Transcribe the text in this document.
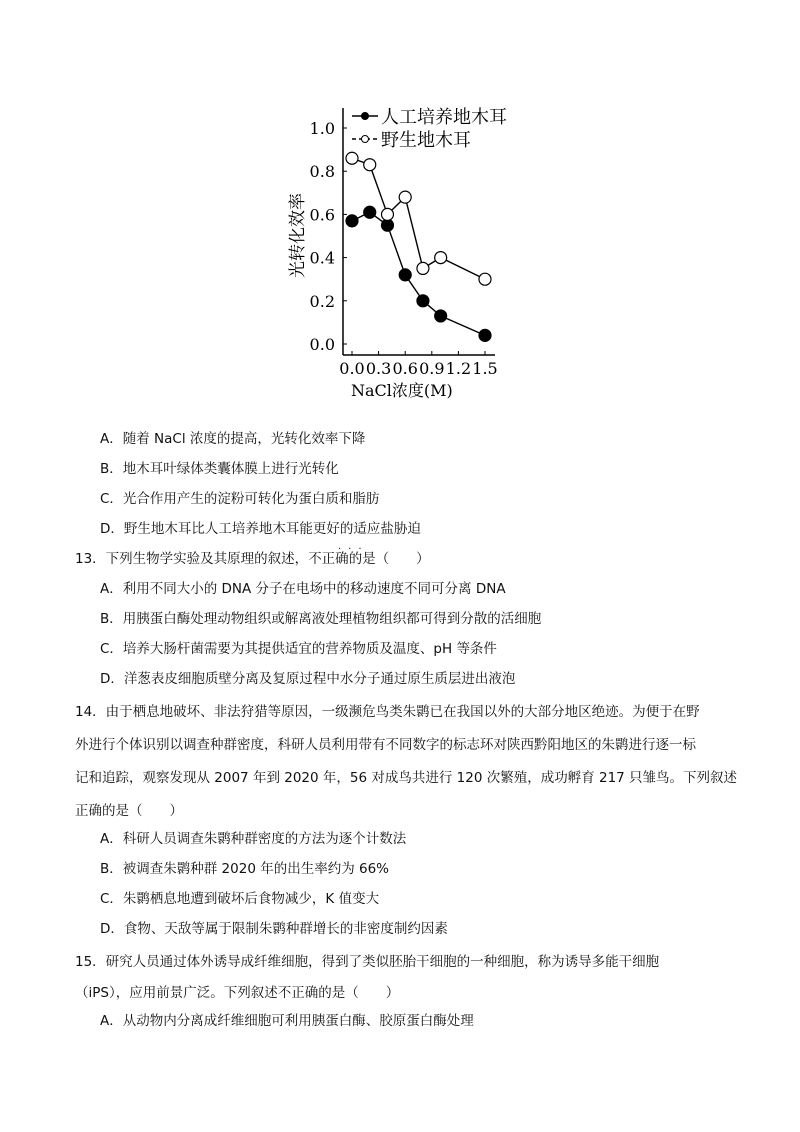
0.0
0.2
0.4
0.6
0.8
1.0
0.0 0.3 0.6 0.9 1.2 1.5
人工培养地木耳
野生地木耳
光转化效率
NaCl浓度(M)
A．随着 NaCl 浓度的提高，光转化效率下降
B．地木耳叶绿体类囊体膜上进行光转化
C．光合作用产生的淀粉可转化为蛋白质和脂肪
D．野生地木耳比人工培养地木耳能更好的适应盐胁迫
13．下列生物学实验及其原理的叙述，不正确的是（　　）
···
A．利用不同大小的 DNA 分子在电场中的移动速度不同可分离 DNA
B．用胰蛋白酶处理动物组织或解离液处理植物组织都可得到分散的活细胞
C．培养大肠杆菌需要为其提供适宜的营养物质及温度、pH 等条件
D．洋葱表皮细胞质壁分离及复原过程中水分子通过原生质层进出液泡
14．由于栖息地破坏、非法狩猎等原因，一级濒危鸟类朱鹮已在我国以外的大部分地区绝迹。为便于在野
外进行个体识别以调查种群密度，科研人员利用带有不同数字的标志环对陕西黔阳地区的朱鹮进行逐一标
记和追踪，观察发现从 2007 年到 2020 年，56 对成鸟共进行 120 次繁殖，成功孵育 217 只雏鸟。下列叙述
正确的是（　　）
A．科研人员调查朱鹮种群密度的方法为逐个计数法
B．被调查朱鹮种群 2020 年的出生率约为 66%
C．朱鹮栖息地遭到破坏后食物减少，K 值变大
D．食物、天敌等属于限制朱鹮种群增长的非密度制约因素
15．研究人员通过体外诱导成纤维细胞，得到了类似胚胎干细胞的一种细胞，称为诱导多能干细胞
（iPS），应用前景广泛。下列叙述不正确的是（　　）
A．从动物内分离成纤维细胞可利用胰蛋白酶、胶原蛋白酶处理
